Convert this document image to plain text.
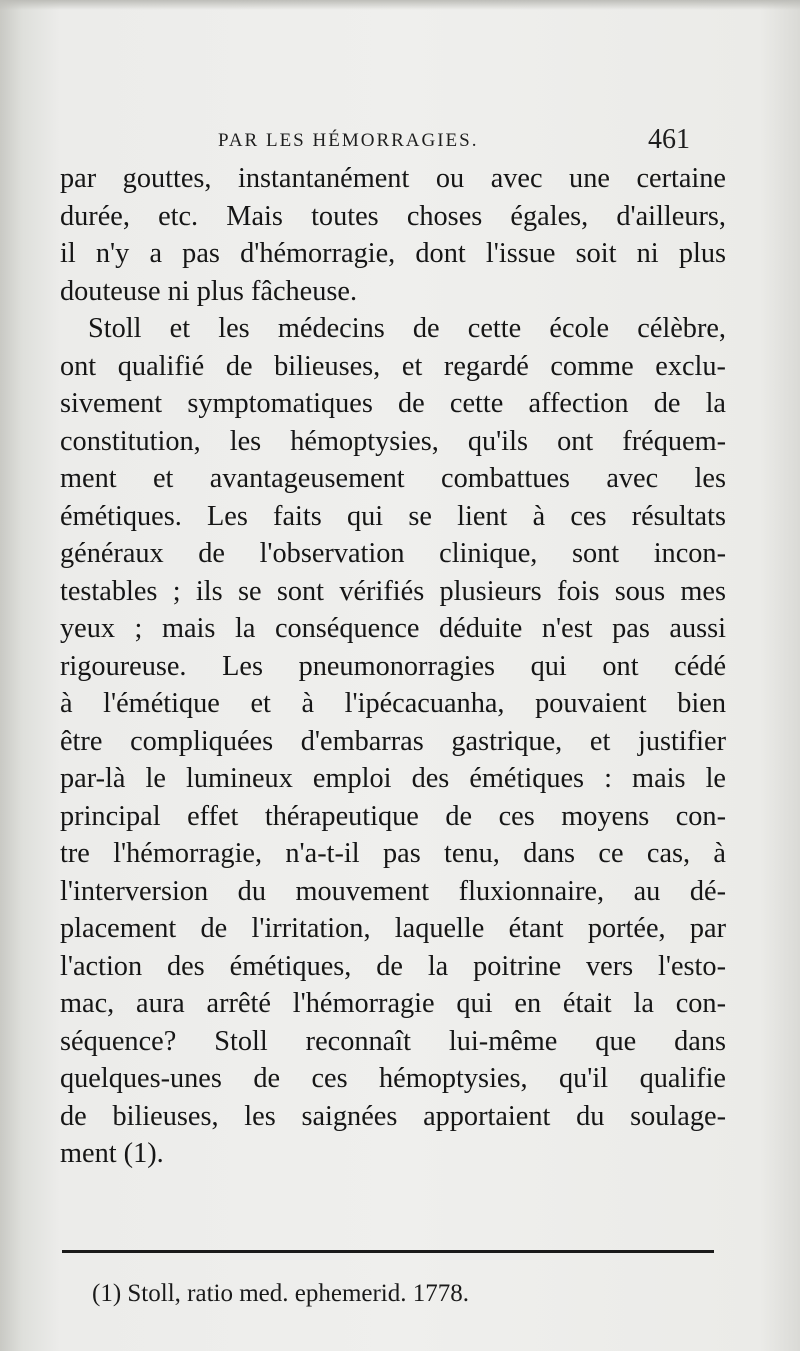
PAR LES HÉMORRAGIES.	461
par gouttes, instantanément ou avec une certaine
durée, etc. Mais toutes choses égales, d'ailleurs,
il n'y a pas d'hémorragie, dont l'issue soit ni plus
douteuse ni plus fâcheuse.
Stoll et les médecins de cette école célèbre,
ont qualifié de bilieuses, et regardé comme exclu-
sivement symptomatiques de cette affection de la
constitution, les hémoptysies, qu'ils ont fréquem-
ment et avantageusement combattues avec les
émétiques. Les faits qui se lient à ces résultats
généraux de l'observation clinique, sont incon-
testables ; ils se sont vérifiés plusieurs fois sous mes
yeux ; mais la conséquence déduite n'est pas aussi
rigoureuse. Les pneumonorragies qui ont cédé
à l'émétique et à l'ipécacuanha, pouvaient bien
être compliquées d'embarras gastrique, et justifier
par-là le lumineux emploi des émétiques : mais le
principal effet thérapeutique de ces moyens con-
tre l'hémorragie, n'a-t-il pas tenu, dans ce cas, à
l'interversion du mouvement fluxionnaire, au dé-
placement de l'irritation, laquelle étant portée, par
l'action des émétiques, de la poitrine vers l'esto-
mac, aura arrêté l'hémorragie qui en était la con-
séquence? Stoll reconnaît lui-même que dans
quelques-unes de ces hémoptysies, qu'il qualifie
de bilieuses, les saignées apportaient du soulage-
ment (1).
(1) Stoll, ratio med. ephemerid. 1778.
